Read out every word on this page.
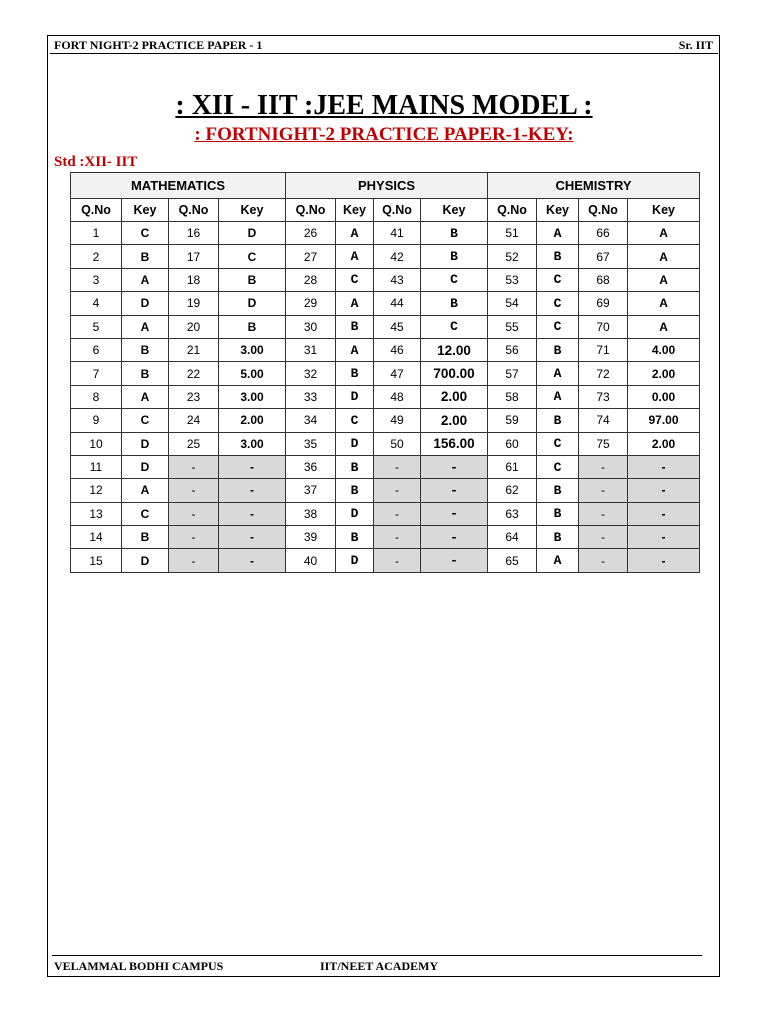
FORT NIGHT-2 PRACTICE PAPER - 1	Sr. IIT
: XII - IIT :JEE MAINS MODEL :
: FORTNIGHT-2 PRACTICE PAPER-1-KEY:
Std :XII- IIT
MATHEMATICS				PHYSICS				CHEMISTRY			
Q.No	Key	Q.No	Key	Q.No	Key	Q.No	Key	Q.No	Key	Q.No	Key
1	C	16	D	26	A	41	B	51	A	66	A
2	B	17	C	27	A	42	B	52	B	67	A
3	A	18	B	28	C	43	C	53	C	68	A
4	D	19	D	29	A	44	B	54	C	69	A
5	A	20	B	30	B	45	C	55	C	70	A
6	B	21	3.00	31	A	46	12.00	56	B	71	4.00
7	B	22	5.00	32	B	47	700.00	57	A	72	2.00
8	A	23	3.00	33	D	48	2.00	58	A	73	0.00
9	C	24	2.00	34	C	49	2.00	59	B	74	97.00
10	D	25	3.00	35	D	50	156.00	60	C	75	2.00
11	D	-	-	36	B	-	-	61	C	-	-
12	A	-	-	37	B	-	-	62	B	-	-
13	C	-	-	38	D	-	-	63	B	-	-
14	B	-	-	39	B	-	-	64	B	-	-
15	D	-	-	40	D	-	-	65	A	-	-
VELAMMAL BODHI CAMPUS	IIT/NEET ACADEMY
